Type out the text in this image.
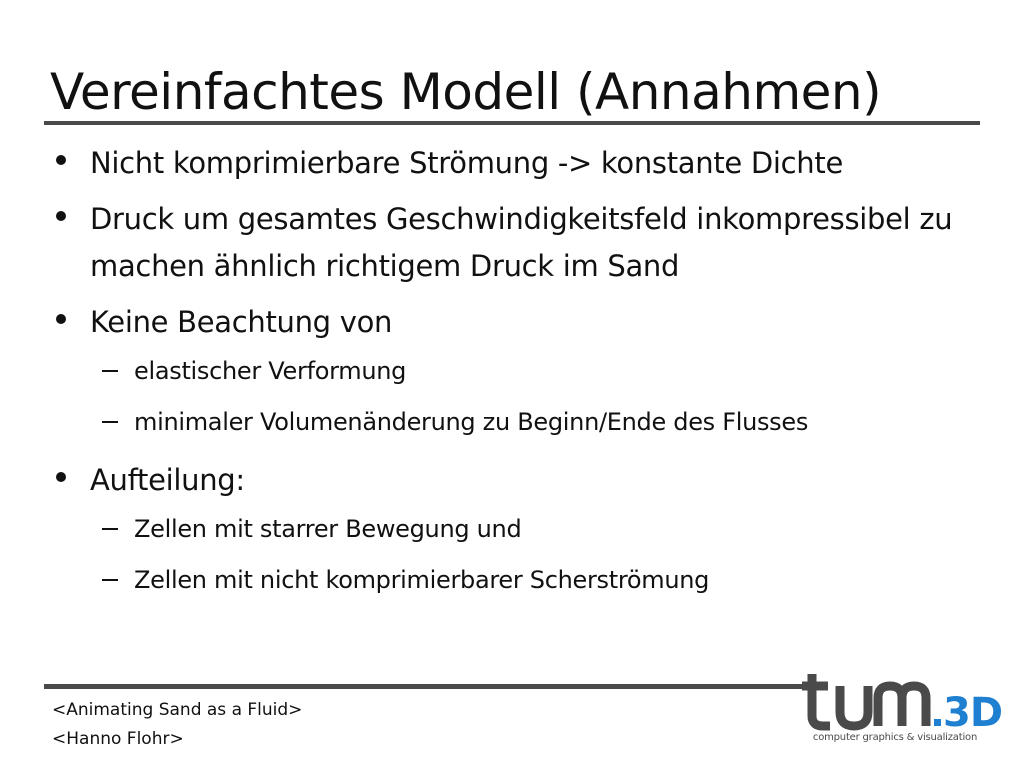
Vereinfachtes Modell (Annahmen)
Nicht komprimierbare Strömung -> konstante Dichte
Druck um gesamtes Geschwindigkeitsfeld inkompressibel zu machen ähnlich richtigem Druck im Sand
Keine Beachtung von
elastischer Verformung
minimaler Volumenänderung zu Beginn/Ende des Flusses
Aufteilung:
Zellen mit starrer Bewegung und
Zellen mit nicht komprimierbarer Scherströmung
<Animating Sand as a Fluid>
<Hanno Flohr>
3D
computer graphics & visualization
